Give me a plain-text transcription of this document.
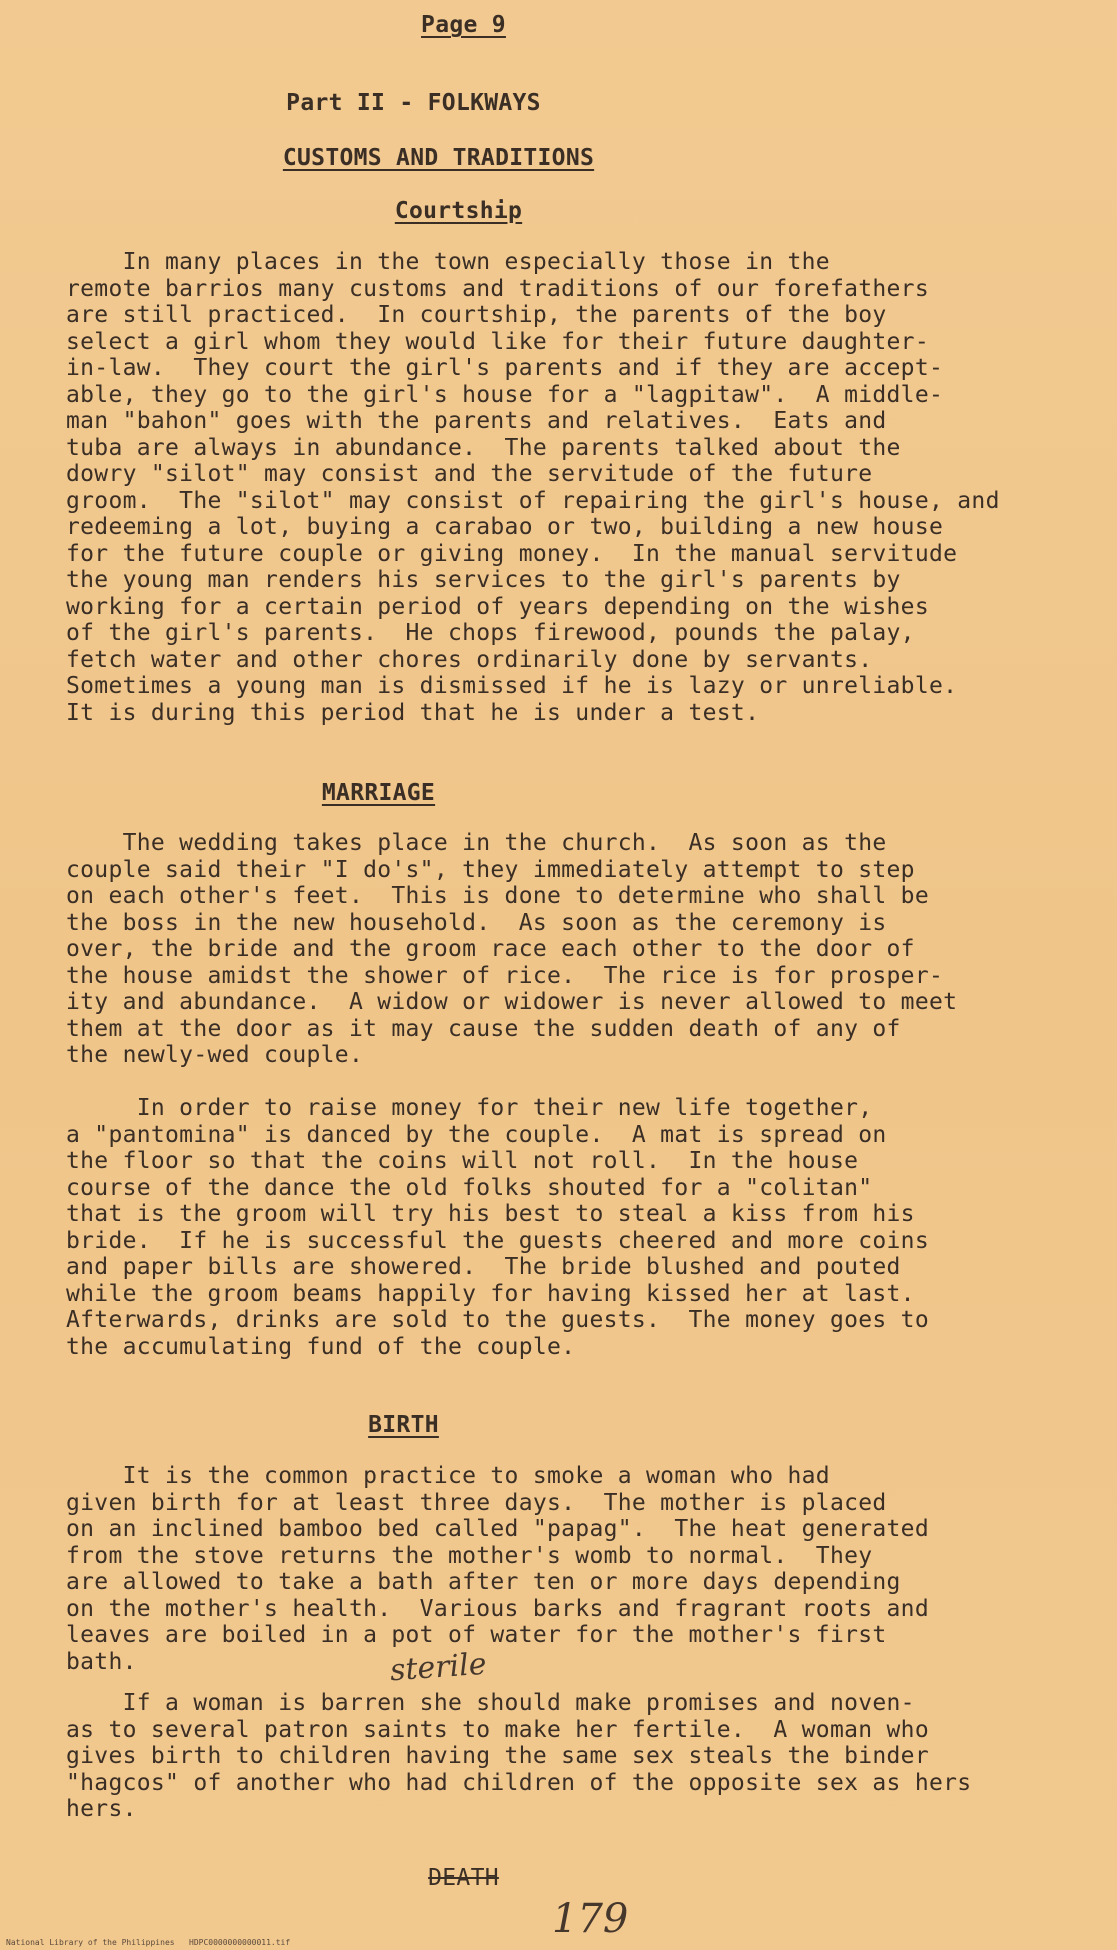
Page 9
Part II - FOLKWAYS
CUSTOMS AND TRADITIONS
Courtship
In many places in the town especially those in the
remote barrios many customs and traditions of our forefathers
are still practiced.  In courtship, the parents of the boy
select a girl whom they would like for their future daughter-
in-law.  They court the girl's parents and if they are accept-
able, they go to the girl's house for a "lagpitaw".  A middle-
man "bahon" goes with the parents and relatives.  Eats and
tuba are always in abundance.  The parents talked about the
dowry "silot" may consist and the servitude of the future
groom.  The "silot" may consist of repairing the girl's house, and
redeeming a lot, buying a carabao or two, building a new house
for the future couple or giving money.  In the manual servitude
the young man renders his services to the girl's parents by
working for a certain period of years depending on the wishes
of the girl's parents.  He chops firewood, pounds the palay,
fetch water and other chores ordinarily done by servants.
Sometimes a young man is dismissed if he is lazy or unreliable.
It is during this period that he is under a test.
MARRIAGE
The wedding takes place in the church.  As soon as the
couple said their "I do's", they immediately attempt to step
on each other's feet.  This is done to determine who shall be
the boss in the new household.  As soon as the ceremony is
over, the bride and the groom race each other to the door of
the house amidst the shower of rice.  The rice is for prosper-
ity and abundance.  A widow or widower is never allowed to meet
them at the door as it may cause the sudden death of any of
the newly-wed couple.
In order to raise money for their new life together,
a "pantomina" is danced by the couple.  A mat is spread on
the floor so that the coins will not roll.  In the house
course of the dance the old folks shouted for a "colitan"
that is the groom will try his best to steal a kiss from his
bride.  If he is successful the guests cheered and more coins
and paper bills are showered.  The bride blushed and pouted
while the groom beams happily for having kissed her at last.
Afterwards, drinks are sold to the guests.  The money goes to
the accumulating fund of the couple.
BIRTH
It is the common practice to smoke a woman who had
given birth for at least three days.  The mother is placed
on an inclined bamboo bed called "papag".  The heat generated
from the stove returns the mother's womb to normal.  They
are allowed to take a bath after ten or more days depending
on the mother's health.  Various barks and fragrant roots and
leaves are boiled in a pot of water for the mother's first
bath.
If a woman is barren she should make promises and noven-
as to several patron saints to make her fertile.  A woman who
gives birth to children having the same sex steals the binder
"hagcos" of another who had children of the opposite sex as hers
hers.
sterile
DEATH
179
National Library of the Philippines   HDPC0000000000011.tif
